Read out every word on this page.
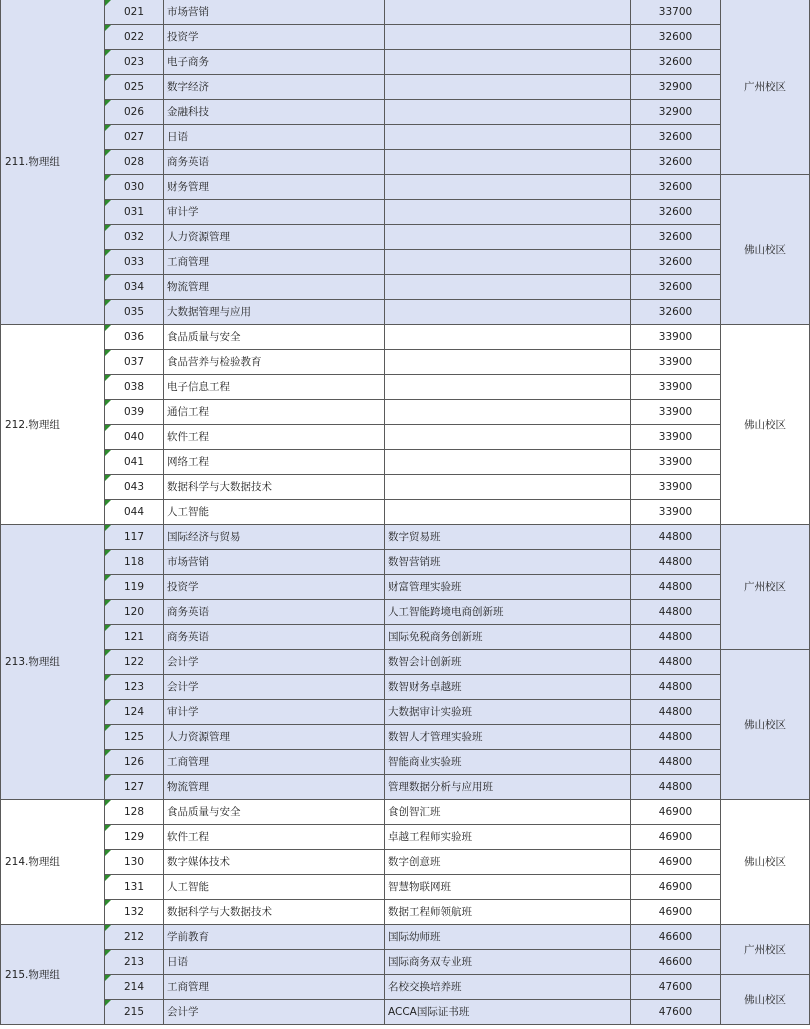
211.物理组	021	市场营销		33700	广州校区
	022	投资学		32600	
	023	电子商务		32600	
	025	数字经济		32900	
	026	金融科技		32900	
	027	日语		32600	
	028	商务英语		32600	
	030	财务管理		32600	佛山校区
	031	审计学		32600	
	032	人力资源管理		32600	
	033	工商管理		32600	
	034	物流管理		32600	
	035	大数据管理与应用		32600	
212.物理组	036	食品质量与安全		33900	佛山校区
	037	食品营养与检验教育		33900	
	038	电子信息工程		33900	
	039	通信工程		33900	
	040	软件工程		33900	
	041	网络工程		33900	
	043	数据科学与大数据技术		33900	
	044	人工智能		33900	
213.物理组	117	国际经济与贸易	数字贸易班	44800	广州校区
	118	市场营销	数智营销班	44800	
	119	投资学	财富管理实验班	44800	
	120	商务英语	人工智能跨境电商创新班	44800	
	121	商务英语	国际免税商务创新班	44800	
	122	会计学	数智会计创新班	44800	佛山校区
	123	会计学	数智财务卓越班	44800	
	124	审计学	大数据审计实验班	44800	
	125	人力资源管理	数智人才管理实验班	44800	
	126	工商管理	智能商业实验班	44800	
	127	物流管理	管理数据分析与应用班	44800	
214.物理组	128	食品质量与安全	食创智汇班	46900	佛山校区
	129	软件工程	卓越工程师实验班	46900	
	130	数字媒体技术	数字创意班	46900	
	131	人工智能	智慧物联网班	46900	
	132	数据科学与大数据技术	数据工程师领航班	46900	
215.物理组	212	学前教育	国际幼师班	46600	广州校区
	213	日语	国际商务双专业班	46600	
	214	工商管理	名校交换培养班	47600	佛山校区
	215	会计学	ACCA国际证书班	47600	
